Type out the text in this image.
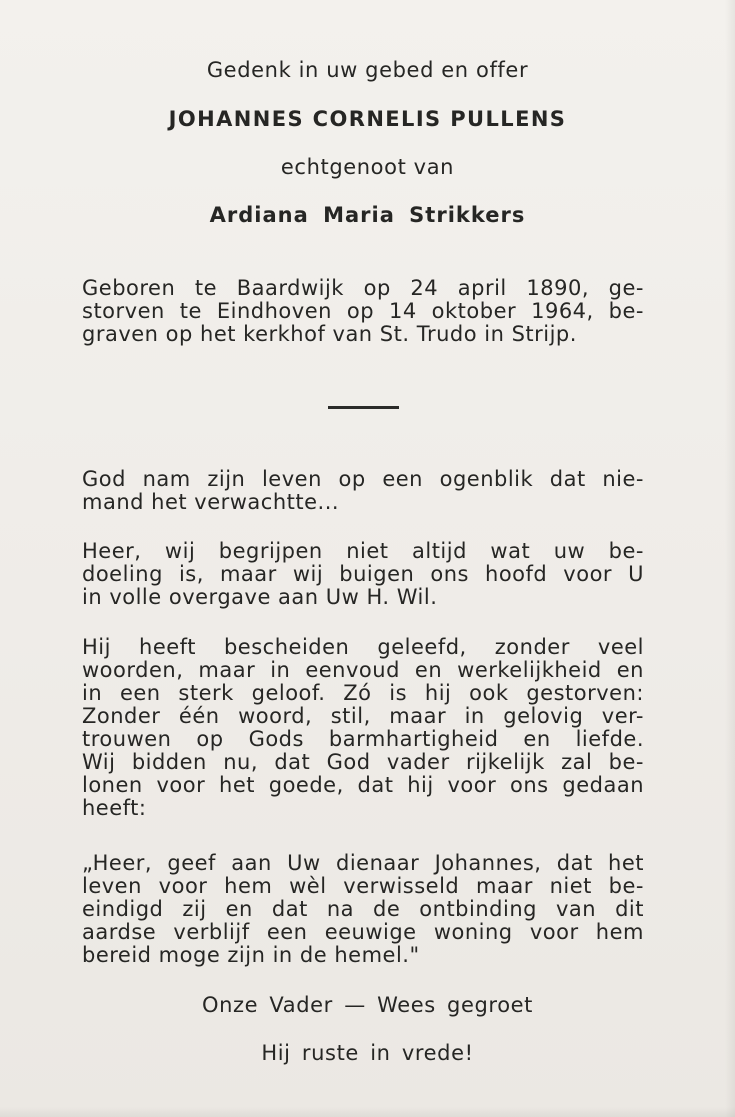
Gedenk in uw gebed en offer
JOHANNES CORNELIS PULLENS
echtgenoot van
Ardiana Maria Strikkers
Geboren te Baardwijk op 24 april 1890, ge-
storven te Eindhoven op 14 oktober 1964, be-
graven op het kerkhof van St. Trudo in Strijp.
God nam zijn leven op een ogenblik dat nie-
mand het verwachtte...
Heer, wij begrijpen niet altijd wat uw be-
doeling is, maar wij buigen ons hoofd voor U
in volle overgave aan Uw H. Wil.
Hij heeft bescheiden geleefd, zonder veel
woorden, maar in eenvoud en werkelijkheid en
in een sterk geloof. Zó is hij ook gestorven:
Zonder één woord, stil, maar in gelovig ver-
trouwen op Gods barmhartigheid en liefde.
Wij bidden nu, dat God vader rijkelijk zal be-
lonen voor het goede, dat hij voor ons gedaan
heeft:
„Heer, geef aan Uw dienaar Johannes, dat het
leven voor hem wèl verwisseld maar niet be-
eindigd zij en dat na de ontbinding van dit
aardse verblijf een eeuwige woning voor hem
bereid moge zijn in de hemel."
Onze Vader — Wees gegroet
Hij ruste in vrede!
